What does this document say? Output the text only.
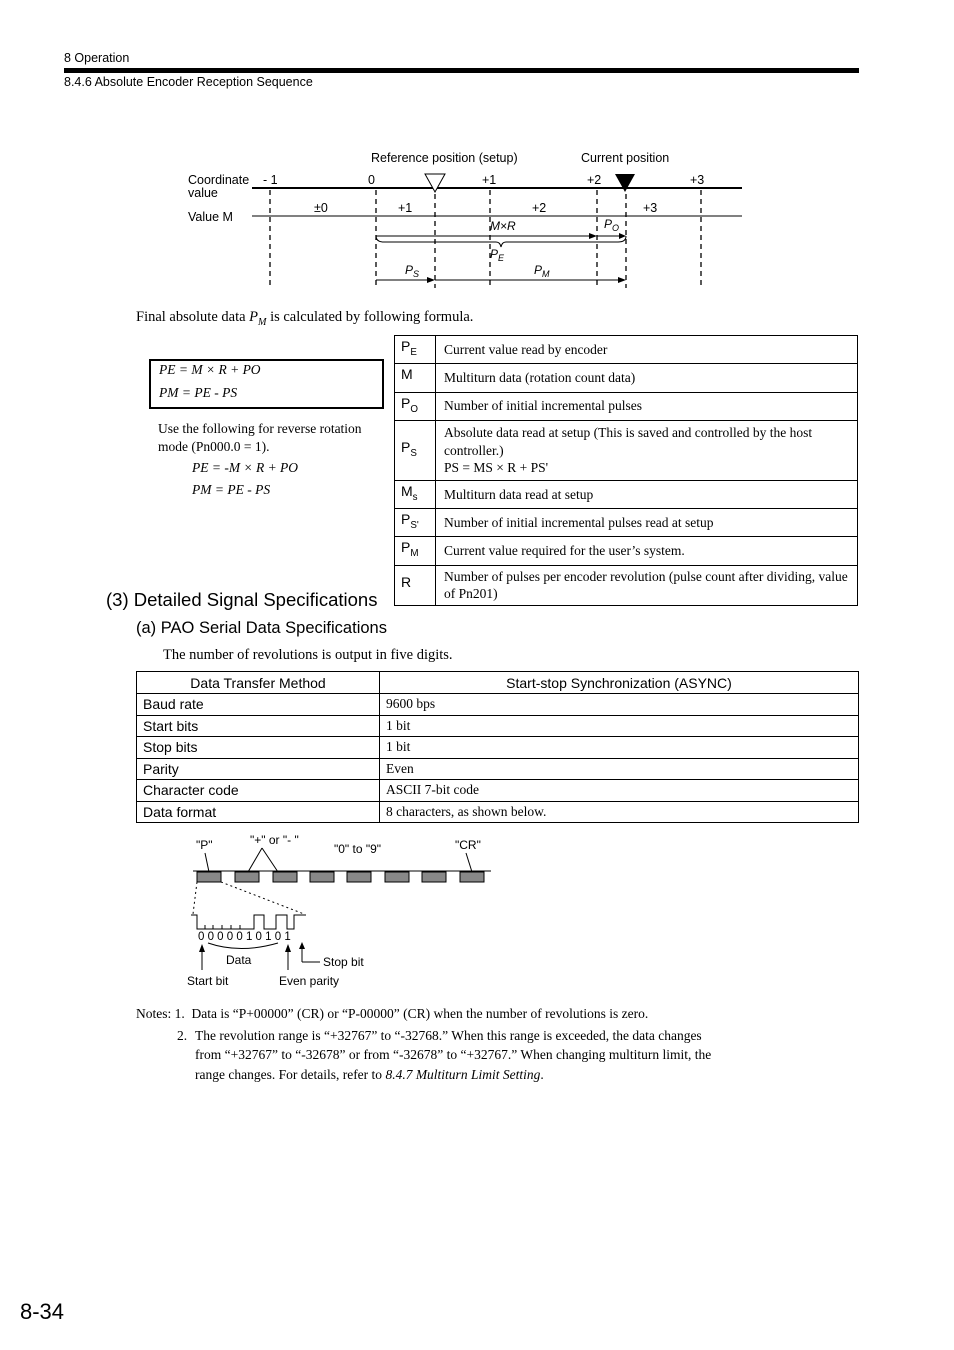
8 Operation
8.4.6 Absolute Encoder Reception Sequence
Reference position (setup)	Current position
Coordinate
value
Value M
- 1	0	+1	+2	+3
±0	+1	+2	+3
M×R	$P_O$
$P_E$
$P_S$	$P_M$
Final absolute data $P_M$ is calculated by following formula.
PE = M × R + PO
PM = PE - PS
Use the following for reverse rotation
mode (Pn000.0 = 1).
PE = -M × R + PO
PM = PE - PS
$P_E$	Current value read by encoder
M	Multiturn data (rotation count data)
$P_O$	Number of initial incremental pulses
$P_S$	Absolute data read at setup (This is saved and controlled by the host controller.)
PS = MS × R + PS'

$M_s$	Multiturn data read at setup
$P_{S'}$	Number of initial incremental pulses read at setup
$P_M$	Current value required for the user’s system.
R	Number of pulses per encoder revolution (pulse count after dividing, value of Pn201)
(3) Detailed Signal Specifications
(a) PAO Serial Data Specifications
The number of revolutions is output in five digits.
Data Transfer Method	Start-stop Synchronization (ASYNC)
Baud rate	9600 bps
Start bits	1 bit
Stop bits	1 bit
Parity	Even
Character code	ASCII 7-bit code
Data format	8 characters, as shown below.
"P"	"+" or "- "
"0" to "9"	"CR"
0 0 0 0 0 1 0 1 0 1
Data	Stop bit
Start bit	Even parity
Notes: 1. Data is “P+00000” (CR) or “P-00000” (CR) when the number of revolutions is zero.
2. The revolution range is “+32767” to “-32768.” When this range is exceeded, the data changes
from “+32767” to “-32678” or from “-32678” to “+32767.” When changing multiturn limit, the
range changes. For details, refer to 8.4.7 Multiturn Limit Setting.
8-34
